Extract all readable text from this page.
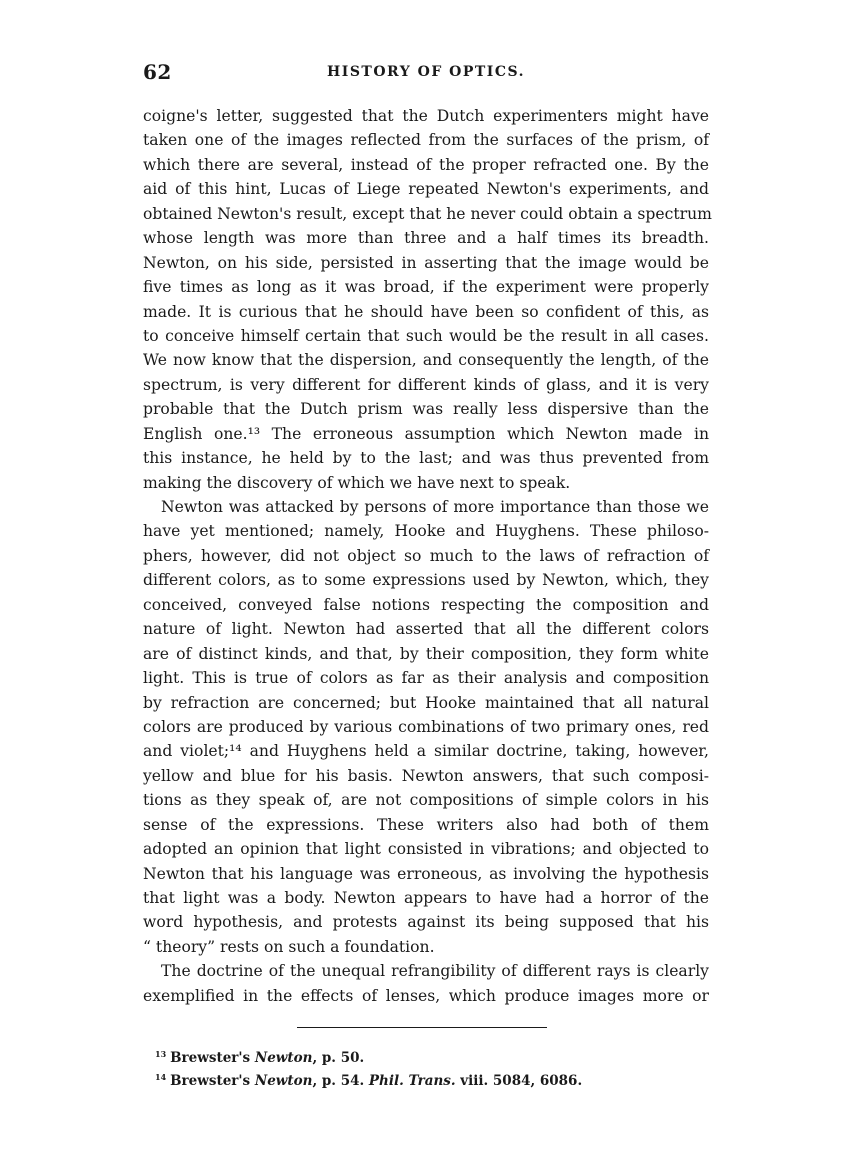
62	HISTORY OF OPTICS.
coigne's letter, suggested that the Dutch experimenters might have
taken one of the images reflected from the surfaces of the prism, of
which there are several, instead of the proper refracted one. By the
aid of this hint, Lucas of Liege repeated Newton's experiments, and
obtained Newton's result, except that he never could obtain a spectrum
whose length was more than three and a half times its breadth.
Newton, on his side, persisted in asserting that the image would be
five times as long as it was broad, if the experiment were properly
made. It is curious that he should have been so confident of this, as
to conceive himself certain that such would be the result in all cases.
We now know that the dispersion, and consequently the length, of the
spectrum, is very different for different kinds of glass, and it is very
probable that the Dutch prism was really less dispersive than the
English one.¹³ The erroneous assumption which Newton made in
this instance, he held by to the last; and was thus prevented from
making the discovery of which we have next to speak.
Newton was attacked by persons of more importance than those we
have yet mentioned; namely, Hooke and Huyghens. These philoso-
phers, however, did not object so much to the laws of refraction of
different colors, as to some expressions used by Newton, which, they
conceived, conveyed false notions respecting the composition and
nature of light. Newton had asserted that all the different colors
are of distinct kinds, and that, by their composition, they form white
light. This is true of colors as far as their analysis and composition
by refraction are concerned; but Hooke maintained that all natural
colors are produced by various combinations of two primary ones, red
and violet;¹⁴ and Huyghens held a similar doctrine, taking, however,
yellow and blue for his basis. Newton answers, that such composi-
tions as they speak of, are not compositions of simple colors in his
sense of the expressions. These writers also had both of them
adopted an opinion that light consisted in vibrations; and objected to
Newton that his language was erroneous, as involving the hypothesis
that light was a body. Newton appears to have had a horror of the
word hypothesis, and protests against its being supposed that his
“ theory” rests on such a foundation.
The doctrine of the unequal refrangibility of different rays is clearly
exemplified in the effects of lenses, which produce images more or
$^{13}$ Brewster's Newton, p. 50.
$^{14}$ Brewster's Newton, p. 54. Phil. Trans. viii. 5084, 6086.
